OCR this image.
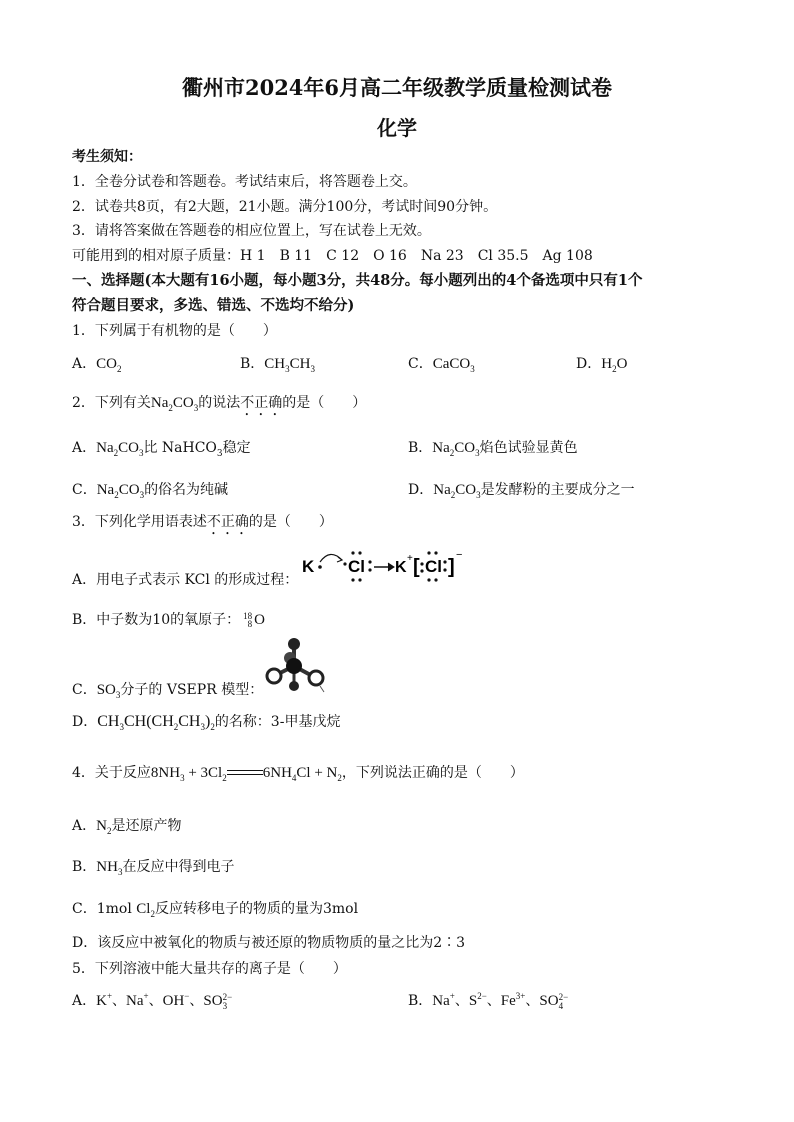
衢州市2024年6月高二年级教学质量检测试卷
化学
考生须知：
1．全卷分试卷和答题卷。考试结束后，将答题卷上交。
2．试卷共8页，有2大题，21小题。满分100分，考试时间90分钟。
3．请将答案做在答题卷的相应位置上，写在试卷上无效。
可能用到的相对原子质量：H 1　B 11　C 12　O 16　Na 23　Cl 35.5　Ag 108
一、选择题(本大题有16小题，每小题3分，共48分。每小题列出的4个备选项中只有1个
符合题目要求，多选、错选、不选均不给分)
1．下列属于有机物的是（　　）
A．$CO_2$	B．$CH_3CH_3$	C．CaCO$_3$	D．$H_2O$
2．下列有关$Na_2CO_3$的说法不正确的是（　　）
A．$Na_2CO_3$比 NaHCO$_3$稳定	B．$Na_2CO_3$焰色试验显黄色
C．$Na_2CO_3$的俗名为纯碱	D．$Na_2CO_3$是发酵粉的主要成分之一
3．下列化学用语表述不正确的是（　　）
A．用电子式表示 KCl 的形成过程：
K Cl K
+ [ Cl ]
−
B．中子数为10的氧原子： 18
8 O
C．$SO_3$分子的 VSEPR 模型：
D．$CH_3CH(CH_2CH_3)_2$的名称：3-甲基戊烷
4．关于反应$8NH_3 + 3Cl_2$ $6NH_4Cl + N_2$，下列说法正确的是（　　）
A．$N_2$是还原产物
B．$NH_3$在反应中得到电子
C．1mol $Cl_2$反应转移电子的物质的量为3mol
D．该反应中被氧化的物质与被还原的物质物质的量之比为2∶3
5．下列溶液中能大量共存的离子是（　　）
A．K+、Na+、OH−、SO 2−
3	B．Na+、$S^{2-}$、$Fe^{3+}$、SO 2−
4
